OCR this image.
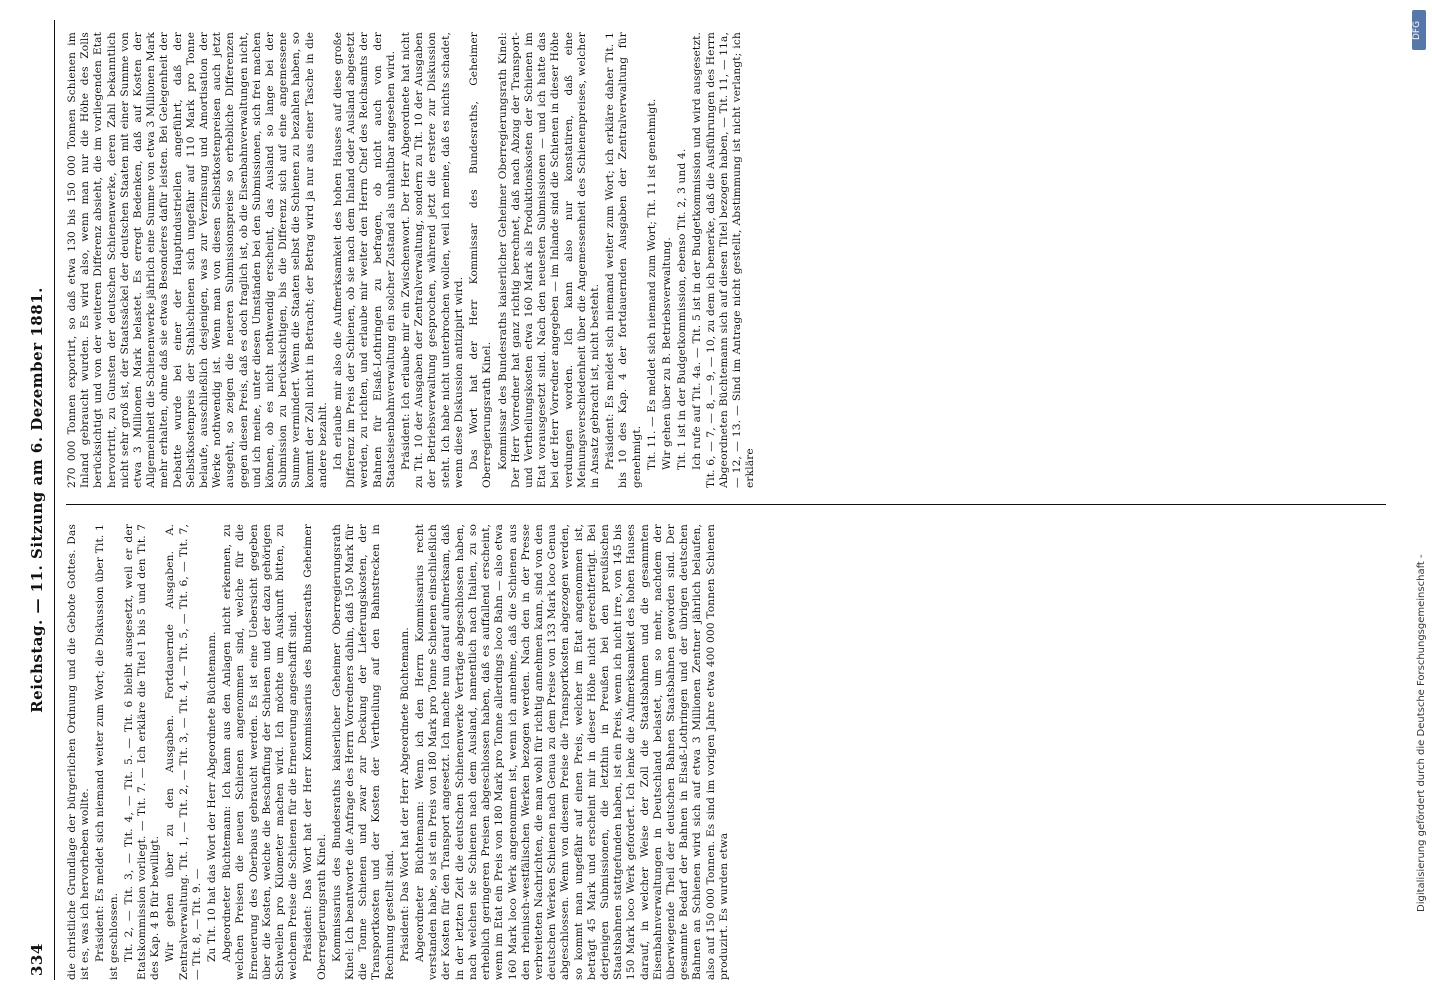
334
Reichstag. — 11. Sitzung am 6. Dezember 1881.

die christliche Grundlage der bürgerlichen Ordnung und die Gebote Gottes. Das ist es, was ich hervorheben wollte. Präsident: Es meldet sich niemand weiter zum Wort; die Diskussion über Tit. 1 ist geschlossen. Tit. 2, — Tit. 3, — Tit. 4, — Tit. 5. — Tit. 6 bleibt ausgesetzt, weil er der Etatskommission vorliegt. — Tit. 7. — Ich erkläre die Titel 1 bis 5 und den Tit. 7 des Kap. 4 B für bewilligt. Wir gehen über zu den Ausgaben. Fortdauernde Ausgaben. A. Zentralverwaltung. Tit. 1, — Tit. 2, — Tit. 3, — Tit. 4, — Tit. 5, — Tit. 6, — Tit. 7, — Tit. 8, — Tit. 9. — Zu Tit. 10 hat das Wort der Herr Abgeordnete Büchtemann. Abgeordneter Büchtemann: Ich kann aus den Anlagen nicht erkennen, zu welchen Preisen die neuen Schienen angenommen sind, welche für die Erneuerung des Oberbaus gebraucht werden. Es ist eine Uebersicht gegeben über die Kosten, welche die Beschaffung der Schienen und der dazu gehörigen Schwellen pro Kilometer machen wird. Ich möchte um Auskunft bitten, zu welchem Preise die Schienen für die Erneuerung angeschafft sind. Präsident: Das Wort hat der Herr Kommissarius des Bundesraths Geheimer Oberregierungsrath Kinel. Kommissarius des Bundesraths kaiserlicher Geheimer Oberregierungsrath Kinel: Ich beantworte die Anfrage des Herrn Vorredners dahin, daß 150 Mark für die Tonne Schienen und zwar zur Deckung der Lieferungskosten, der Transportkosten und der Kosten der Vertheilung auf den Bahnstrecken in Rechnung gestellt sind. Präsident: Das Wort hat der Herr Abgeordnete Büchtemann. Abgeordneter Büchtemann: Wenn ich den Herrn Kommissarius recht verstanden habe, so ist ein Preis von 180 Mark pro Tonne Schienen einschließlich der Kosten für den Transport angesetzt. Ich mache nun darauf aufmerksam, daß in der letzten Zeit die deutschen Schienenwerke Verträge abgeschlossen haben, nach welchen sie Schienen nach dem Ausland, namentlich nach Italien, zu so erheblich geringeren Preisen abgeschlossen haben, daß es auffallend erscheint, wenn im Etat ein Preis von 180 Mark pro Tonne allerdings loco Bahn — also etwa 160 Mark loco Werk angenommen ist, wenn ich annehme, daß die Schienen aus den rheinisch-westfälischen Werken bezogen werden. Nach den in der Presse verbreiteten Nachrichten, die man wohl für richtig annehmen kann, sind von den deutschen Werken Schienen nach Genua zu dem Preise von 133 Mark loco Genua abgeschlossen. Wenn von diesem Preise die Transportkosten abgezogen werden, so kommt man ungefähr auf einen Preis, welcher im Etat angenommen ist, beträgt 45 Mark und erscheint mir in dieser Höhe nicht gerechtfertigt. Bei derjenigen Submissionen, die letzthin in Preußen bei den preußischen Staatsbahnen stattgefunden haben, ist ein Preis, wenn ich nicht irre, von 145 bis 150 Mark loco Werk gefordert. Ich lenke die Aufmerksamkeit des hohen Hauses darauf, in welcher Weise der Zoll die Staatsbahnen und die gesammten Eisenbahnverwaltungen in Deutschland belastet, um so mehr, nachdem der überwiegende Theil der deutschen Bahnen Staatsbahnen geworden sind. Der gesammte Bedarf der Bahnen in Elsaß-Lothringen und der übrigen deutschen Bahnen an Schienen wird sich auf etwa 3 Millionen Zentner jährlich belaufen, also auf 150 000 Tonnen. Es sind im vorigen Jahre etwa 400 000 Tonnen Schienen produzirt. Es wurden etwa

270 000 Tonnen exportirt, so daß etwa 130 bis 150 000 Tonnen Schienen im Inland gebraucht wurden. Es wird also, wenn man nur die Höhe des Zolls berücksichtigt und von der weiteren Differenz absieht, die im vorliegenden Etat hervortritt, zu Gunsten der deutschen Schienenwerke, deren Zahl bekanntlich nicht sehr groß ist, der Staatssäckel der deutschen Staaten mit einer Summe von etwa 3 Millionen Mark belastet. Es erregt Bedenken, daß auf Kosten der Allgemeinheit die Schienenwerke jährlich eine Summe von etwa 3 Millionen Mark mehr erhalten, ohne daß sie etwas Besonderes dafür leisten. Bei Gelegenheit der Debatte wurde bei einer der Hauptindustriellen angeführt, daß der Selbstkostenpreis der Stahlschienen sich ungefähr auf 110 Mark pro Tonne belaufe, ausschließlich desjenigen, was zur Verzinsung und Amortisation der Werke nothwendig ist. Wenn man von diesen Selbstkostenpreisen auch jetzt ausgeht, so zeigen die neueren Submissionspreise so erhebliche Differenzen gegen diesen Preis, daß es doch fraglich ist, ob die Eisenbahnverwaltungen nicht, und ich meine, unter diesen Umständen bei den Submissionen, sich frei machen können, ob es nicht nothwendig erscheint, das Ausland so lange bei der Submission zu berücksichtigen, bis die Differenz sich auf eine angemessene Summe vermindert. Wenn die Staaten selbst die Schienen zu bezahlen haben, so kommt der Zoll nicht in Betracht; der Betrag wird ja nur aus einer Tasche in die andere bezahlt. Ich erlaube mir also die Aufmerksamkeit des hohen Hauses auf diese große Differenz im Preis der Schienen, ob sie nach dem Inland oder Ausland abgesetzt werden, zu richten, und erlaube mir weiter den Herrn Chef des Reichsamts der Bahnen für Elsaß-Lothringen zu befragen, ob nicht auch von der Staatseisenbahnverwaltung ein solcher Zustand als unhaltbar angesehen wird. Präsident: Ich erlaube mir ein Zwischenwort. Der Herr Abgeordnete hat nicht zu Tit. 10 der Ausgaben der Zentralverwaltung, sondern zu Tit. 10 der Ausgaben der Betriebsverwaltung gesprochen, während jetzt die erstere zur Diskussion steht. Ich habe nicht unterbrochen wollen, weil ich meine, daß es nichts schadet, wenn diese Diskussion antizipirt wird. Das Wort hat der Herr Kommissar des Bundesraths, Geheimer Oberregierungsrath Kinel. Kommissar des Bundesraths kaiserlicher Geheimer Oberregierungsrath Kinel: Der Herr Vorredner hat ganz richtig berechnet, daß nach Abzug der Transport- und Vertheilungskosten etwa 160 Mark als Produktionskosten der Schienen im Etat vorausgesetzt sind. Nach den neuesten Submissionen — und ich hatte das bei der Herr Vorredner angegeben — im Inlande sind die Schienen in dieser Höhe verdungen worden. Ich kann also nur konstatiren, daß eine Meinungsverschiedenheit über die Angemessenheit des Schienenpreises, welcher in Ansatz gebracht ist, nicht besteht. Präsident: Es meldet sich niemand weiter zum Wort; ich erkläre daher Tit. 1 bis 10 des Kap. 4 der fortdauernden Ausgaben der Zentralverwaltung für genehmigt. Tit. 11. — Es meldet sich niemand zum Wort; Tit. 11 ist genehmigt. Wir gehen über zu B. Betriebsverwaltung. Tit. 1 ist in der Budgetkommission, ebenso Tit. 2, 3 und 4. Ich rufe auf Tit. 4a. — Tit. 5 ist in der Budgetkommission und wird ausgesetzt. Tit. 6, — 7, — 8, — 9, — 10, zu dem ich bemerke, daß die Ausführungen des Herrn Abgeordneten Büchtemann sich auf diesen Titel bezogen haben, — Tit. 11, — 11a, — 12, — 13. — Sind im Antrage nicht gestellt, Abstimmung ist nicht verlangt; ich erkläre

DFG
Digitalisierung gefördert durch die Deutsche Forschungsgemeinschaft -
